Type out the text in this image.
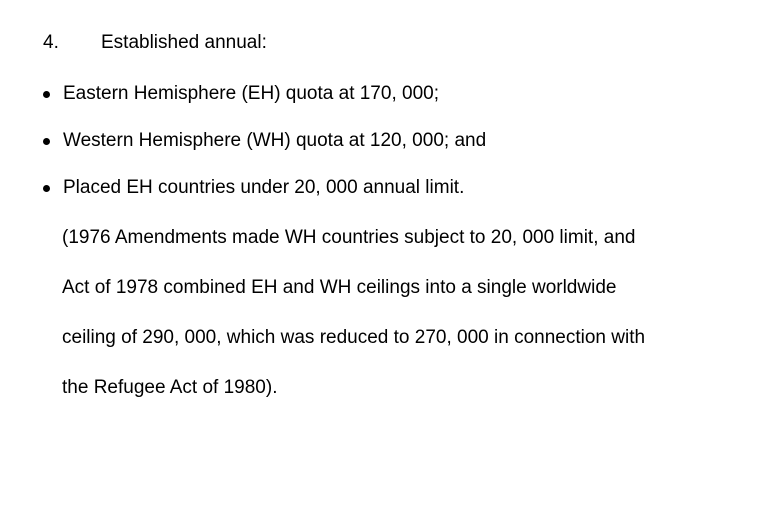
4. Established annual:
Eastern Hemisphere (EH) quota at 170, 000;
Western Hemisphere (WH) quota at 120, 000; and
Placed EH countries under 20, 000 annual limit.

(1976 Amendments made WH countries subject to 20, 000 limit, and
Act of 1978 combined EH and WH ceilings into a single worldwide
ceiling of 290, 000, which was reduced to 270, 000 in connection with
the Refugee Act of 1980).
